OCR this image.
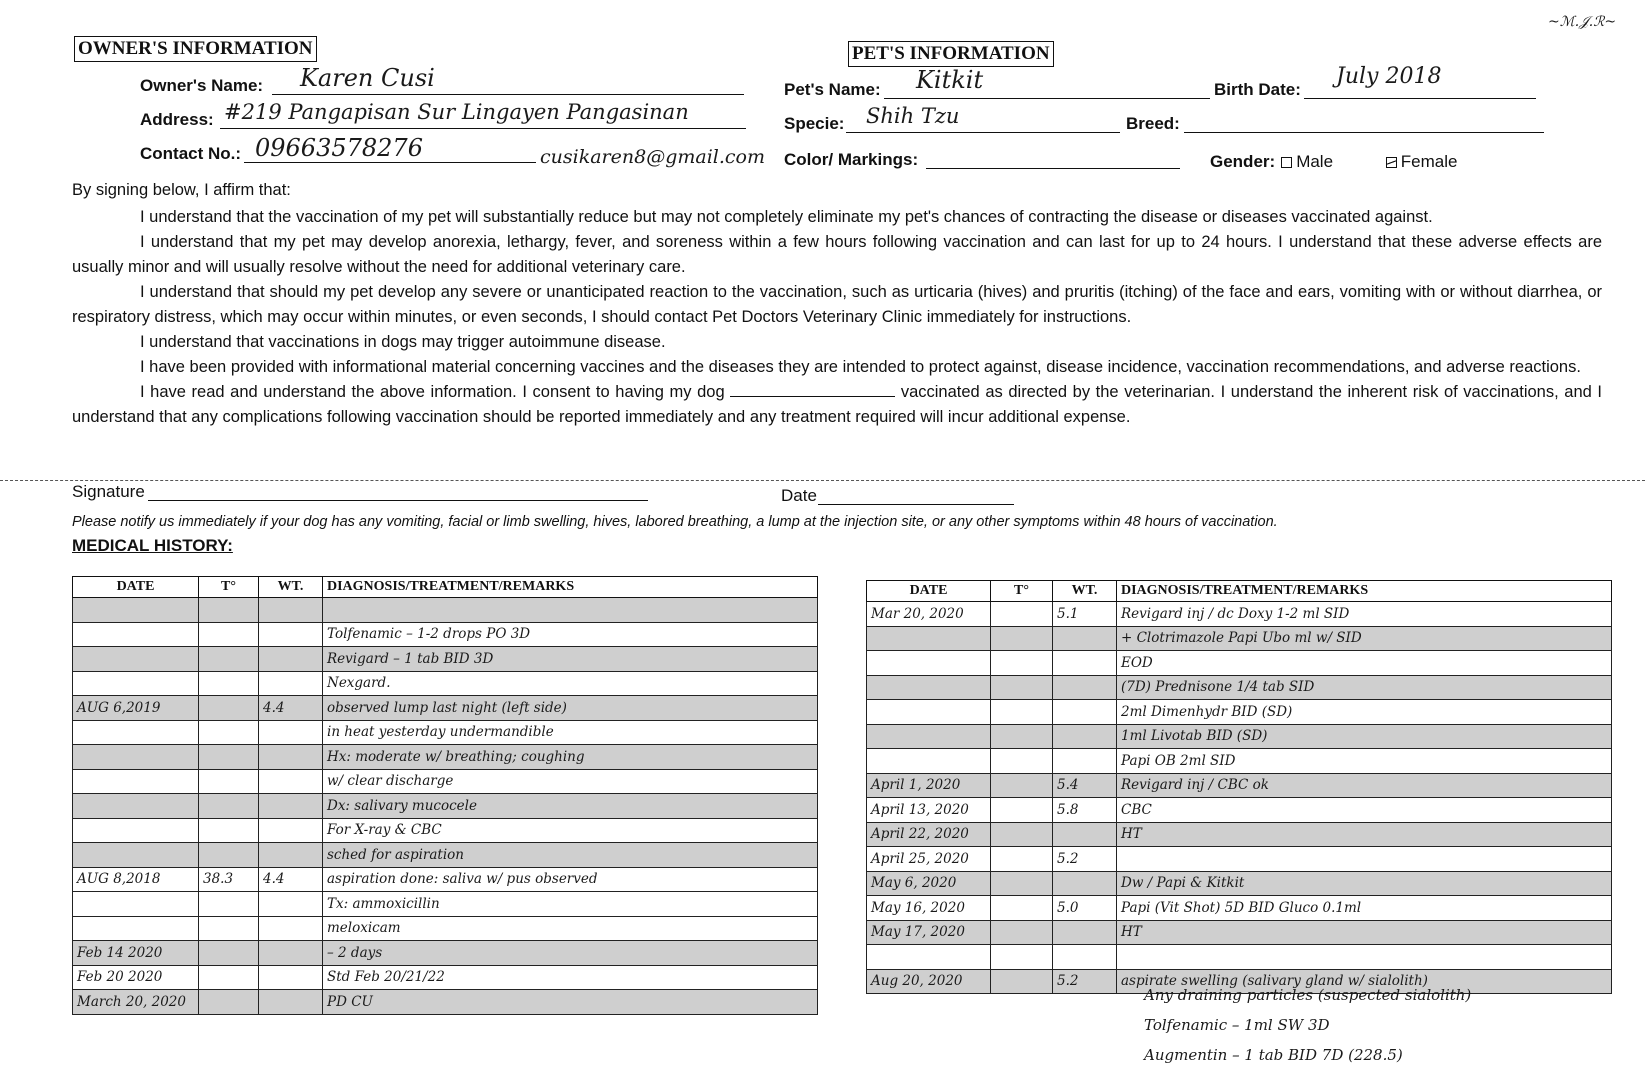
~ℳ.𝒥.ℛ~
OWNER'S INFORMATION
Owner's Name: Karen Cusi
Address: #219 Pangapisan Sur Lingayen Pangasinan
Contact No.: 09663578276	cusikaren8@gmail.com
PET'S INFORMATION
Pet's Name: Kitkit	Birth Date:
July 2018
Specie: Shih Tzu	Breed:
Color/ Markings:	Gender: Male	Female

By signing below, I affirm that:

I understand that the vaccination of my pet will substantially reduce but may not completely eliminate my pet's chances of contracting the disease or diseases vaccinated against.

I understand that my pet may develop anorexia, lethargy, fever, and soreness within a few hours following vaccination and can last for up to 24 hours. I understand that these adverse effects are usually minor and will usually resolve without the need for additional veterinary care.

I understand that should my pet develop any severe or unanticipated reaction to the vaccination, such as urticaria (hives) and pruritis (itching) of the face and ears, vomiting with or without diarrhea, or respiratory distress, which may occur within minutes, or even seconds, I should contact Pet Doctors Veterinary Clinic immediately for instructions.

I understand that vaccinations in dogs may trigger autoimmune disease.

I have been provided with informational material concerning vaccines and the diseases they are intended to protect against, disease incidence, vaccination recommendations, and adverse reactions.

I have read and understand the above information. I consent to having my dog	vaccinated as directed by the veterinarian. I understand the inherent risk of vaccinations, and I understand that any complications following vaccination should be reported immediately and any treatment required will incur additional expense.

Signature	Date
Please notify us immediately if your dog has any vomiting, facial or limb swelling, hives, labored breathing, a lump at the injection site, or any other symptoms within 48 hours of vaccination.
MEDICAL HISTORY:
DATE	T°	WT.	DIAGNOSIS/TREATMENT/REMARKS

			Tolfenamic – 1-2 drops PO 3D
			Revigard – 1 tab BID 3D
			Nexgard.
AUG 6,2019		4.4	observed lump last night (left side)
			in heat yesterday undermandible
			Hx: moderate w/ breathing; coughing
			w/ clear discharge
			Dx: salivary mucocele
			For X-ray & CBC
			sched for aspiration
AUG 8,2018	38.3	4.4	aspiration done: saliva w/ pus observed
			Tx: ammoxicillin
			meloxicam
Feb 14 2020			– 2 days
Feb 20 2020			Std Feb 20/21/22
March 20, 2020			PD CU
DATE	T°	WT.	DIAGNOSIS/TREATMENT/REMARKS
Mar 20, 2020		5.1	Revigard inj / dc Doxy 1-2 ml SID
			+ Clotrimazole Papi Ubo ml w/ SID
			EOD
			(7D) Prednisone 1/4 tab SID
			2ml Dimenhydr BID (SD)
			1ml Livotab BID (SD)
			Papi OB 2ml SID
April 1, 2020		5.4	Revigard inj / CBC ok
April 13, 2020		5.8	CBC
April 22, 2020			HT
April 25, 2020		5.2	
May 6, 2020			Dw / Papi & Kitkit
May 16, 2020		5.0	Papi (Vit Shot) 5D BID Gluco 0.1ml
May 17, 2020			HT

Aug 20, 2020		5.2	aspirate swelling (salivary gland w/ sialolith)
Any draining particles (suspected sialolith)
Tolfenamic – 1ml SW 3D
Augmentin – 1 tab BID 7D (228.5)
